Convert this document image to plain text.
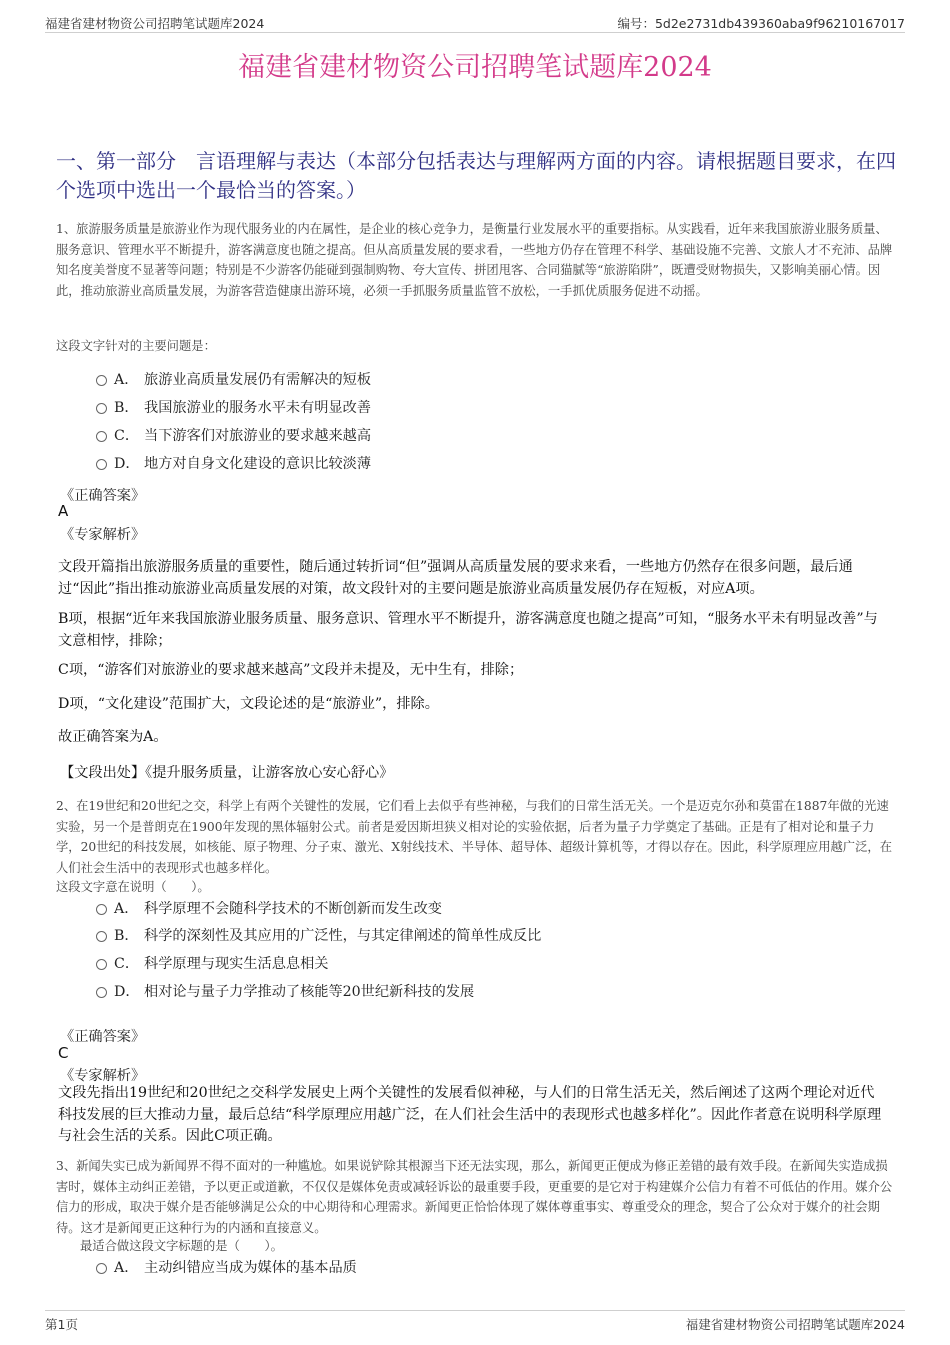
福建省建材物资公司招聘笔试题库2024	编号：5d2e2731db439360aba9f96210167017
福建省建材物资公司招聘笔试题库2024
一、第一部分　言语理解与表达（本部分包括表达与理解两方面的内容。请根据题目要求，在四个选项中选出一个最恰当的答案。）
1、旅游服务质量是旅游业作为现代服务业的内在属性，是企业的核心竞争力，是衡量行业发展水平的重要指标。从实践看，近年来我国旅游业服务质量、服务意识、管理水平不断提升，游客满意度也随之提高。但从高质量发展的要求看，一些地方仍存在管理不科学、基础设施不完善、文旅人才不充沛、品牌知名度美誉度不显著等问题；特别是不少游客仍能碰到强制购物、夸大宣传、拼团甩客、合同猫腻等“旅游陷阱”，既遭受财物损失，又影响美丽心情。因此，推动旅游业高质量发展，为游客营造健康出游环境，必须一手抓服务质量监管不放松，一手抓优质服务促进不动摇。
这段文字针对的主要问题是：
A． 旅游业高质量发展仍有需解决的短板
B． 我国旅游业的服务水平未有明显改善
C． 当下游客们对旅游业的要求越来越高
D． 地方对自身文化建设的意识比较淡薄
《正确答案》
A
《专家解析》
文段开篇指出旅游服务质量的重要性，随后通过转折词“但”强调从高质量发展的要求来看，一些地方仍然存在很多问题，最后通过“因此”指出推动旅游业高质量发展的对策，故文段针对的主要问题是旅游业高质量发展仍存在短板，对应A项。
B项，根据“近年来我国旅游业服务质量、服务意识、管理水平不断提升，游客满意度也随之提高”可知，“服务水平未有明显改善”与文意相悖，排除；
C项，“游客们对旅游业的要求越来越高”文段并未提及，无中生有，排除；
D项，“文化建设”范围扩大，文段论述的是“旅游业”，排除。
故正确答案为A。
【文段出处】《提升服务质量，让游客放心安心舒心》
2、在19世纪和20世纪之交，科学上有两个关键性的发展，它们看上去似乎有些神秘，与我们的日常生活无关。一个是迈克尔孙和莫雷在1887年做的光速实验，另一个是普朗克在1900年发现的黑体辐射公式。前者是爱因斯坦狭义相对论的实验依据，后者为量子力学奠定了基础。正是有了相对论和量子力学，20世纪的科技发展，如核能、原子物理、分子束、激光、X射线技术、半导体、超导体、超级计算机等，才得以存在。因此，科学原理应用越广泛，在人们社会生活中的表现形式也越多样化。
这段文字意在说明（　　）。
A． 科学原理不会随科学技术的不断创新而发生改变
B． 科学的深刻性及其应用的广泛性，与其定律阐述的简单性成反比
C． 科学原理与现实生活息息相关
D． 相对论与量子力学推动了核能等20世纪新科技的发展
《正确答案》
C
《专家解析》
文段先指出19世纪和20世纪之交科学发展史上两个关键性的发展看似神秘，与人们的日常生活无关，然后阐述了这两个理论对近代科技发展的巨大推动力量，最后总结“科学原理应用越广泛，在人们社会生活中的表现形式也越多样化”。因此作者意在说明科学原理与社会生活的关系。因此C项正确。
3、新闻失实已成为新闻界不得不面对的一种尴尬。如果说铲除其根源当下还无法实现，那么，新闻更正便成为修正差错的最有效手段。在新闻失实造成损害时，媒体主动纠正差错，予以更正或道歉，不仅仅是媒体免责或减轻诉讼的最重要手段，更重要的是它对于构建媒介公信力有着不可低估的作用。媒介公信力的形成，取决于媒介是否能够满足公众的中心期待和心理需求。新闻更正恰恰体现了媒体尊重事实、尊重受众的理念，契合了公众对于媒介的社会期待。这才是新闻更正这种行为的内涵和直接意义。
最适合做这段文字标题的是（　　）。
A． 主动纠错应当成为媒体的基本品质
第1页	福建省建材物资公司招聘笔试题库2024
